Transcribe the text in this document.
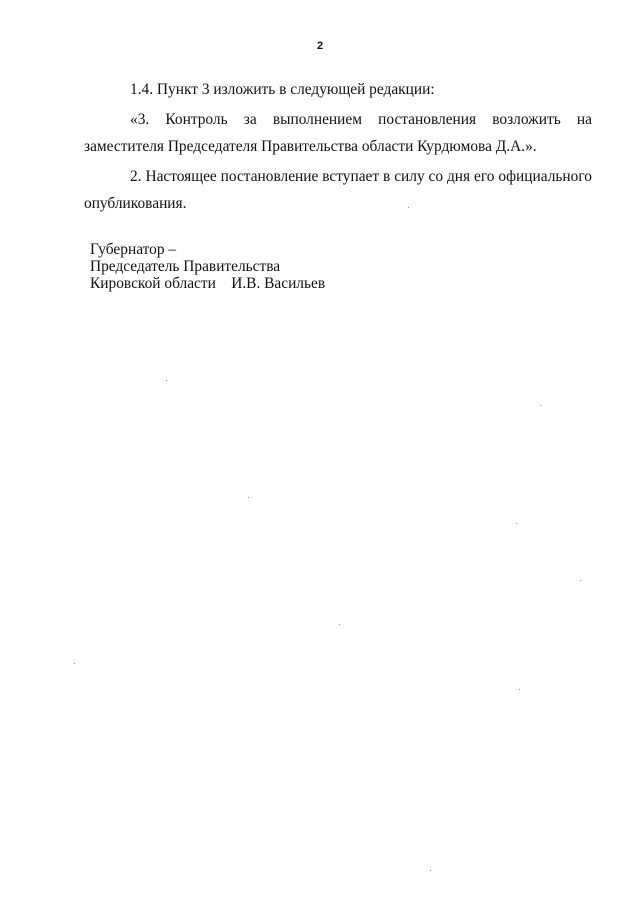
2

1.4. Пункт 3 изложить в следующей редакции:

«3. Контроль за выполнением постановления возложить на заместителя Председателя Правительства области Курдюмова Д.А.».

2. Настоящее постановление вступает в силу со дня его официального опубликования.

Губернатор –
Председатель Правительства
Кировской области И.В. Васильев
